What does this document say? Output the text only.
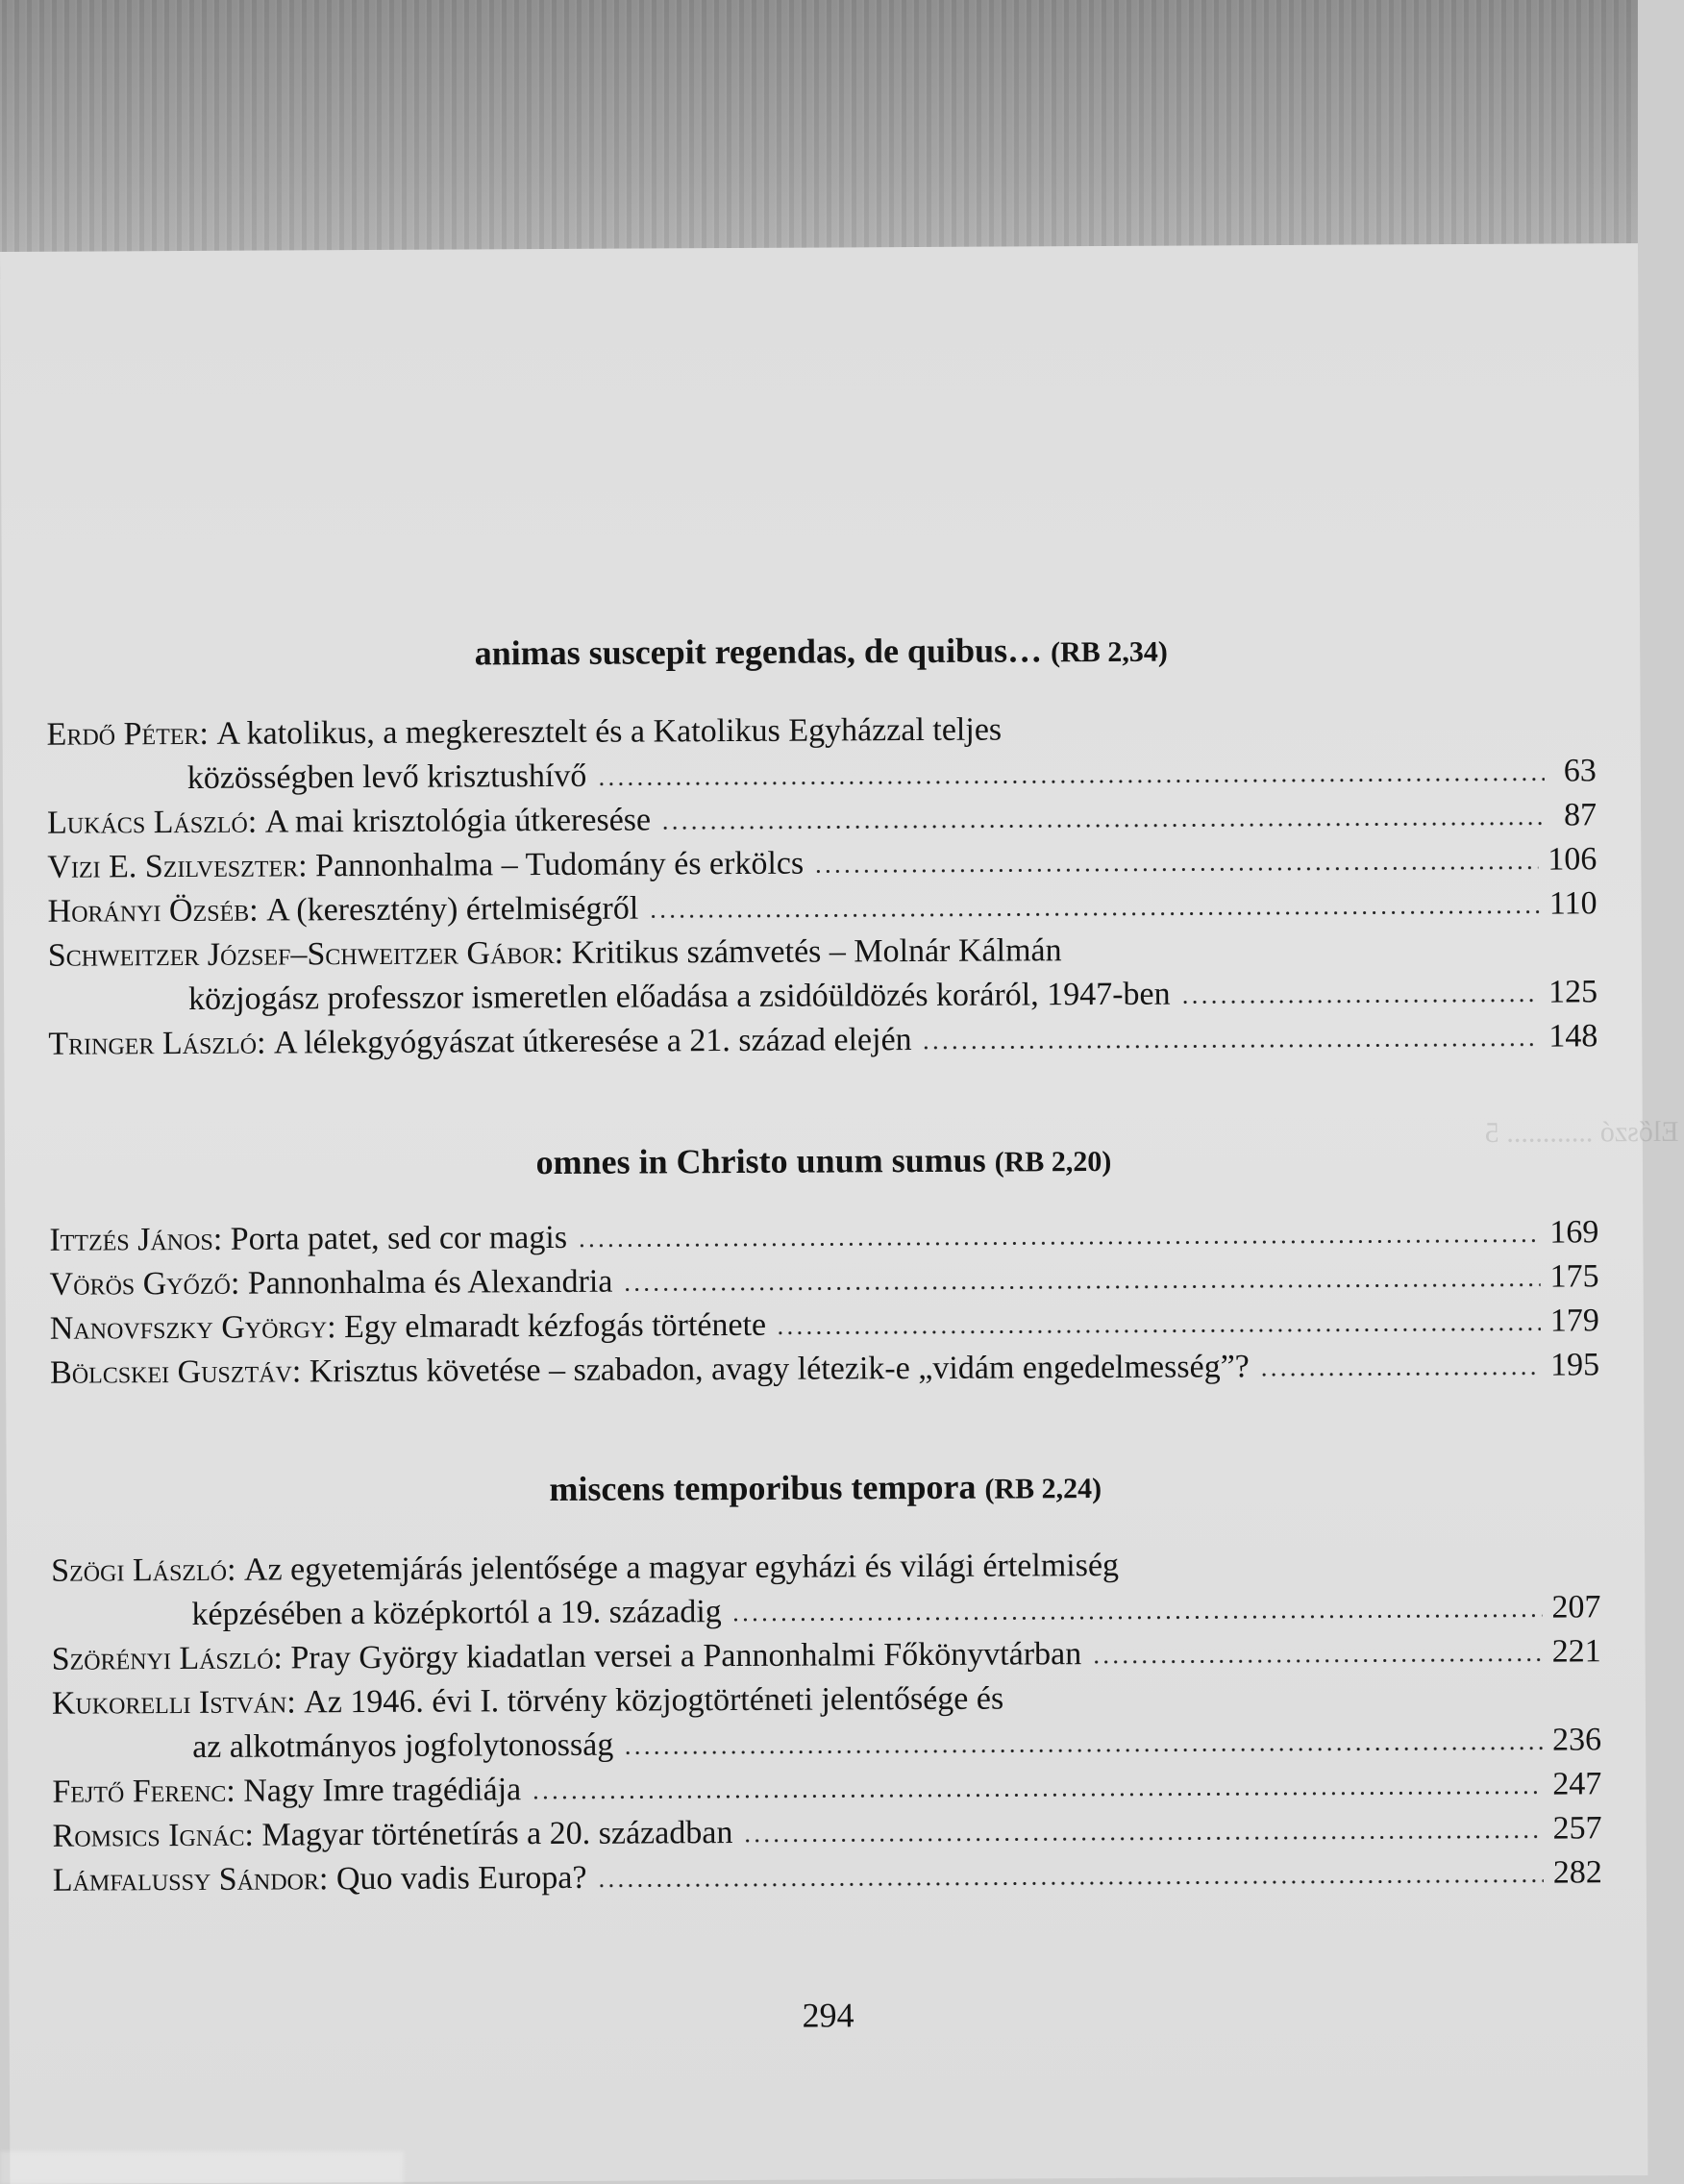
Előszó ............ 5
animas suscepit regendas, de quibus… (RB 2,34)
Erdő Péter:
A katolikus, a megkeresztelt és a Katolikus Egyházzal teljes
közösségben levő krisztushívő	63
Lukács László:
A mai krisztológia útkeresése	87
Vizi E. Szilveszter:
Pannonhalma – Tudomány és erkölcs	106
Horányi Özséb:
A (keresztény) értelmiségről	110
Schweitzer József–Schweitzer Gábor:
Kritikus számvetés – Molnár Kálmán
közjogász professzor ismeretlen előadása a zsidóüldözés koráról, 1947-ben	125
Tringer László:
A lélekgyógyászat útkeresése a 21. század elején	148
omnes in Christo unum sumus (RB 2,20)
Ittzés János:
Porta patet, sed cor magis	169
Vörös Győző:
Pannonhalma és Alexandria	175
Nanovfszky György:
Egy elmaradt kézfogás története	179
Bölcskei Gusztáv:
Krisztus követése – szabadon, avagy létezik-e „vidám engedelmesség”?	195
miscens temporibus tempora (RB 2,24)
Szögi László:
Az egyetemjárás jelentősége a magyar egyházi és világi értelmiség
képzésében a középkortól a 19. századig	207
Szörényi László:
Pray György kiadatlan versei a Pannonhalmi Főkönyvtárban	221
Kukorelli István:
Az 1946. évi I. törvény közjogtörténeti jelentősége és
az alkotmányos jogfolytonosság	236
Fejtő Ferenc:
Nagy Imre tragédiája	247
Romsics Ignác:
Magyar történetírás a 20. században	257
Lámfalussy Sándor:
Quo vadis Europa?	282
294
